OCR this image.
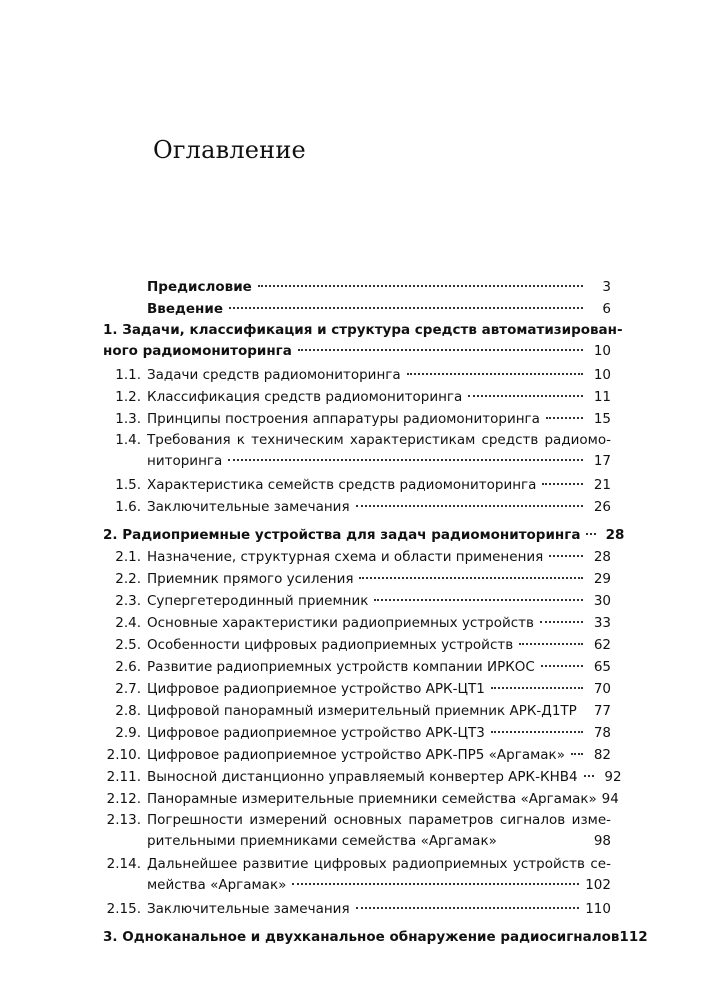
Оглавление
Предисловие	3
Введение	6
1. Задачи, классификация и структура средств автоматизирован-
ного радиомониторинга	10
1.1. Задачи средств радиомониторинга	10
1.2. Классификация средств радиомониторинга	11
1.3. Принципы построения аппаратуры радиомониторинга	15
1.4. Требования к техническим характеристикам средств радиомо-
ниторинга	17
1.5. Характеристика семейств средств радиомониторинга	21
1.6. Заключительные замечания	26
2. Радиоприемные устройства для задач радиомониторинга 28
2.1. Назначение, структурная схема и области применения	28
2.2. Приемник прямого усиления	29
2.3. Супергетеродинный приемник	30
2.4. Основные характеристики радиоприемных устройств	33
2.5. Особенности цифровых радиоприемных устройств	62
2.6. Развитие радиоприемных устройств компании ИРКОС	65
2.7. Цифровое радиоприемное устройство АРК-ЦТ1	70
2.8. Цифровой панорамный измерительный приемник АРК-Д1ТР	77
2.9. Цифровое радиоприемное устройство АРК-ЦТ3	78
2.10. Цифровое радиоприемное устройство АРК-ПР5 «Аргамак»	82
2.11. Выносной дистанционно управляемый конвертер АРК-КНВ4	92
2.12. Панорамные измерительные приемники семейства «Аргамак» 94
2.13. Погрешности измерений основных параметров сигналов изме-
рительными приемниками семейства «Аргамак»	98
2.14. Дальнейшее развитие цифровых радиоприемных устройств се-
мейства «Аргамак»	102
2.15. Заключительные замечания	110
3. Одноканальное и двухканальное обнаружение радиосигналов 112
